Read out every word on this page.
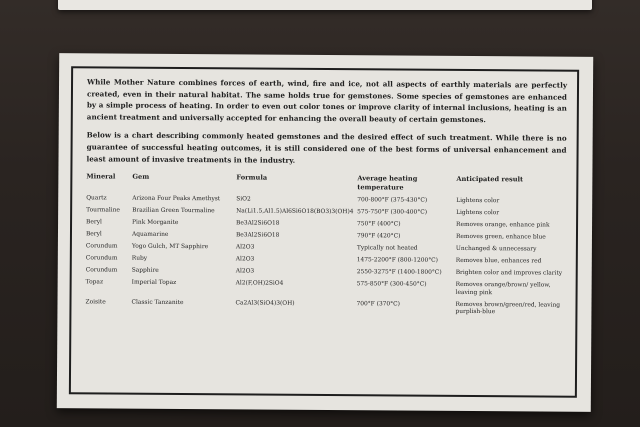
While Mother Nature combines forces of earth, wind, fire and ice, not all aspects of earthly materials are perfectly created, even in their natural habitat. The same holds true for gemstones. Some species of gemstones are enhanced by a simple process of heating. In order to even out color tones or improve clarity of internal inclusions, heating is an ancient treatment and universally accepted for enhancing the overall beauty of certain gemstones.

Below is a chart describing commonly heated gemstones and the desired effect of such treatment. While there is no guarantee of successful heating outcomes, it is still considered one of the best forms of universal enhancement and least amount of invasive treatments in the industry.

Mineral	Gem	Formula	Average heating temperature	Anticipated result
Quartz	Arizona Four Peaks Amethyst	SiO2	700-800°F (375-430°C)	Lightens color
Tourmaline	Brazilian Green Tourmaline	Na(Li1.5,Al1.5)Al6Si6O18(BO3)3(OH)4	575-750°F (300-400°C)	Lightens color
Beryl	Pink Morganite	Be3Al2Si6O18	750°F (400°C)	Removes orange, enhance pink
Beryl	Aquamarine	Be3Al2Si6O18	790°F (420°C)	Removes green, enhance blue
Corundum	Yogo Gulch, MT Sapphire	Al2O3	Typically not heated	Unchanged & unnecessary
Corundum	Ruby	Al2O3	1475-2200°F (800-1200°C)	Removes blue, enhances red
Corundum	Sapphire	Al2O3	2550-3275°F (1400-1800°C)	Brighten color and improves clarity
Topaz	Imperial Topaz	Al2(F,OH)2SiO4	575-850°F (300-450°C)	Removes orange/brown/ yellow, leaving pink
Zoisite	Classic Tanzanite	Ca2Al3(SiO4)3(OH)	700°F (370°C)	Removes brown/green/red, leaving purplish-blue
